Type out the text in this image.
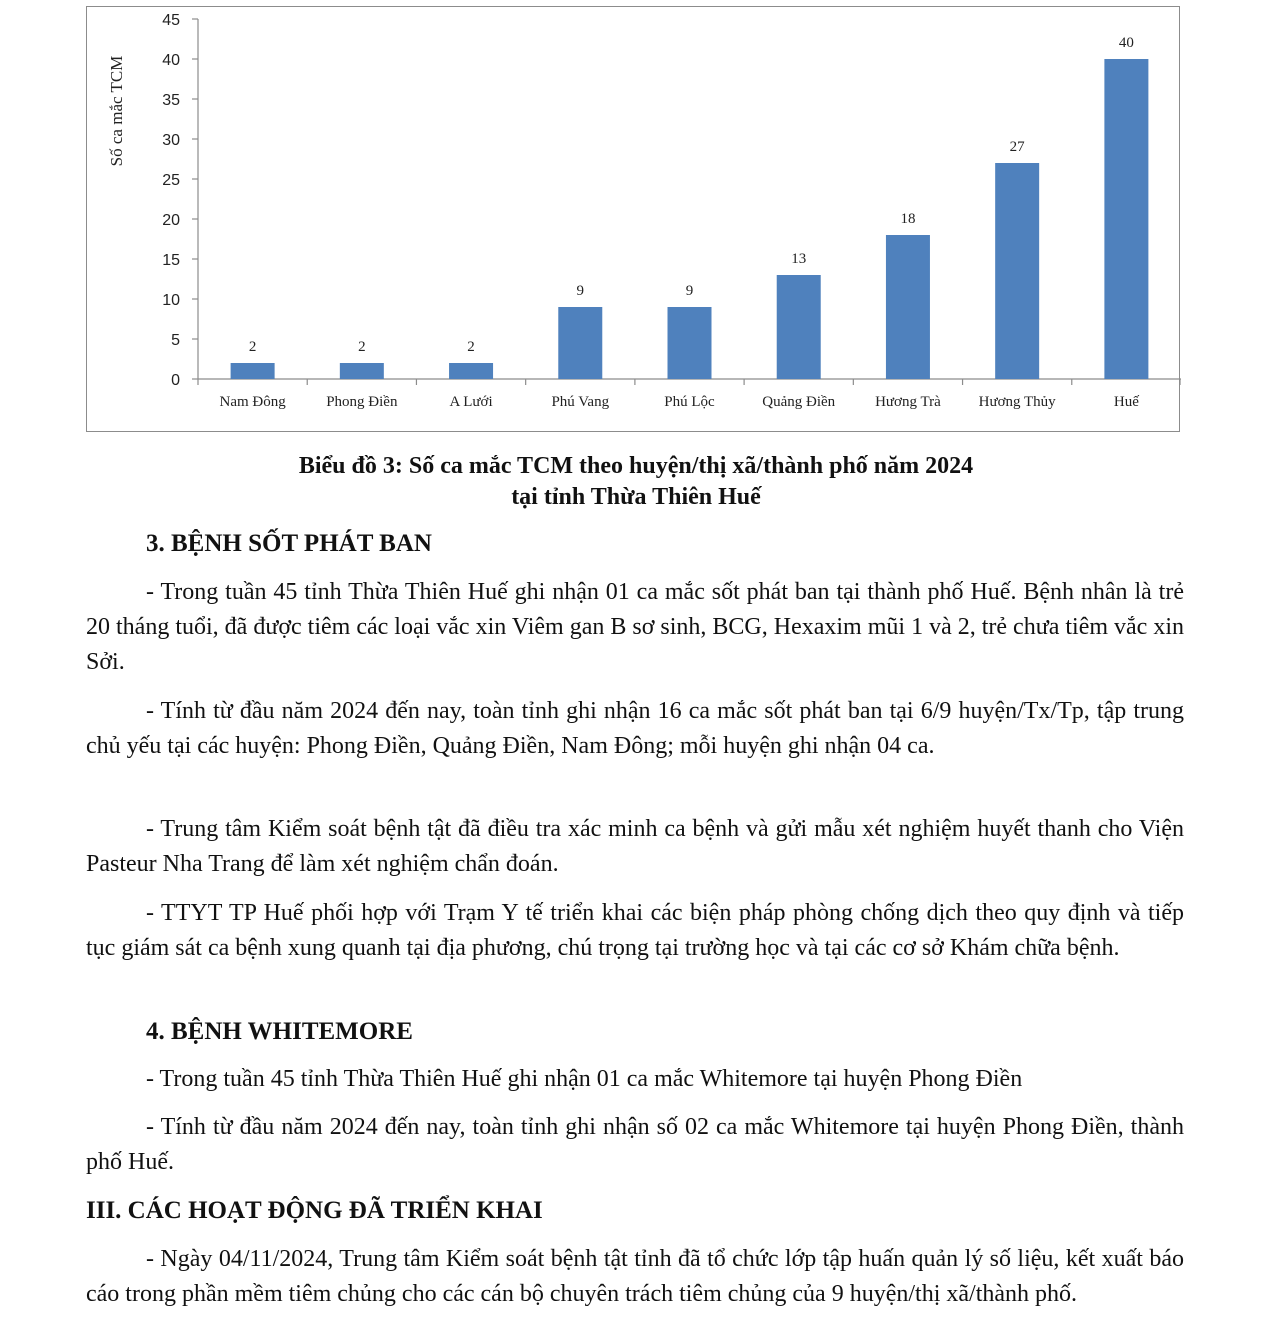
0
5
10
15
20
25
30
35
40
45
Số ca mắc TCM
2
Nam Đông
2
Phong Điền
2
A Lưới
9
Phú Vang
9
Phú Lộc
13
Quảng Điền
18
Hương Trà
27
Hương Thủy
40
Huế
Biểu đồ 3: Số ca mắc TCM theo huyện/thị xã/thành phố năm 2024
tại tỉnh Thừa Thiên Huế
3. BỆNH SỐT PHÁT BAN
- Trong tuần 45 tỉnh Thừa Thiên Huế ghi nhận 01 ca mắc sốt phát ban tại thành phố Huế. Bệnh nhân là trẻ 20 tháng tuổi, đã được tiêm các loại vắc xin Viêm gan B sơ sinh, BCG, Hexaxim mũi 1 và 2, trẻ chưa tiêm vắc xin Sởi.
- Tính từ đầu năm 2024 đến nay, toàn tỉnh ghi nhận 16 ca mắc sốt phát ban tại 6/9 huyện/Tx/Tp, tập trung chủ yếu tại các huyện: Phong Điền, Quảng Điền, Nam Đông; mỗi huyện ghi nhận 04 ca.
- Trung tâm Kiểm soát bệnh tật đã điều tra xác minh ca bệnh và gửi mẫu xét nghiệm huyết thanh cho Viện Pasteur Nha Trang để làm xét nghiệm chẩn đoán.
- TTYT TP Huế phối hợp với Trạm Y tế triển khai các biện pháp phòng chống dịch theo quy định và tiếp tục giám sát ca bệnh xung quanh tại địa phương, chú trọng tại trường học và tại các cơ sở Khám chữa bệnh.
4. BỆNH WHITEMORE
- Trong tuần 45 tỉnh Thừa Thiên Huế ghi nhận 01 ca mắc Whitemore tại huyện Phong Điền
- Tính từ đầu năm 2024 đến nay, toàn tỉnh ghi nhận số 02 ca mắc Whitemore tại huyện Phong Điền, thành phố Huế.
III. CÁC HOẠT ĐỘNG ĐÃ TRIỂN KHAI
- Ngày 04/11/2024, Trung tâm Kiểm soát bệnh tật tỉnh đã tổ chức lớp tập huấn quản lý số liệu, kết xuất báo cáo trong phần mềm tiêm chủng cho các cán bộ chuyên trách tiêm chủng của 9 huyện/thị xã/thành phố.
